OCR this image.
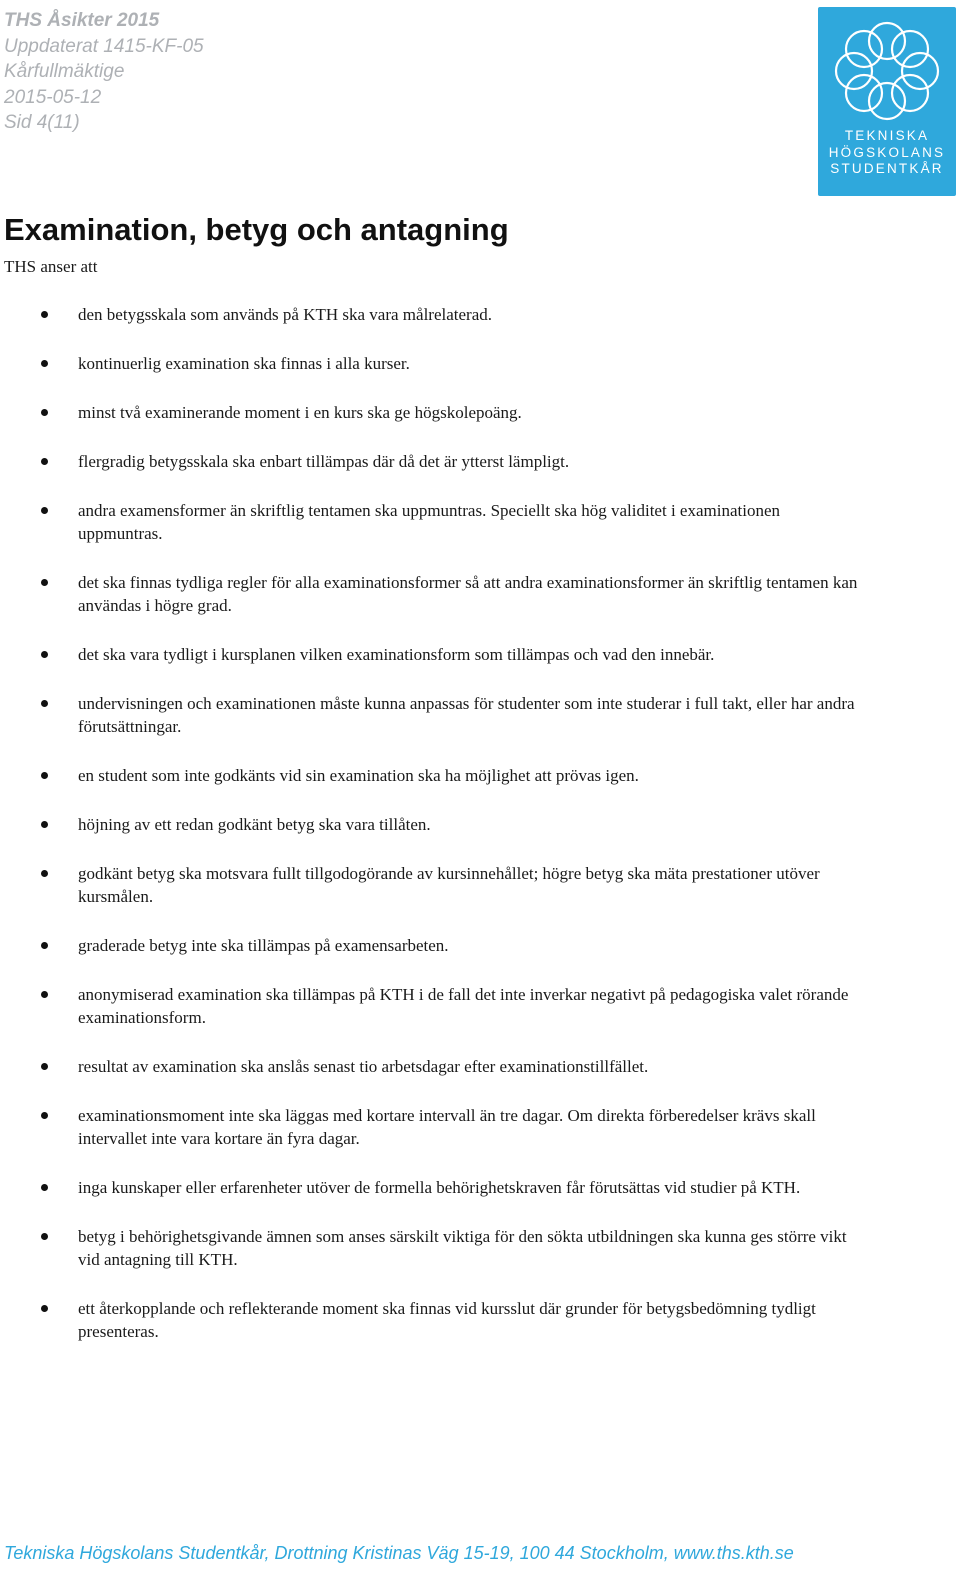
THS Åsikter 2015
Uppdaterat 1415-KF-05
Kårfullmäktige
2015-05-12
Sid 4(11)
TEKNISKA
HÖGSKOLANS
STUDENTKÅR
Examination, betyg och antagning
THS anser att
den betygsskala som används på KTH ska vara målrelaterad.
kontinuerlig examination ska finnas i alla kurser.
minst två examinerande moment i en kurs ska ge högskolepoäng.
flergradig betygsskala ska enbart tillämpas där då det är ytterst lämpligt.
andra examensformer än skriftlig tentamen ska uppmuntras. Speciellt ska hög validitet i examinationen uppmuntras.
det ska finnas tydliga regler för alla examinationsformer så att andra examinationsformer än skriftlig tentamen kan användas i högre grad.
det ska vara tydligt i kursplanen vilken examinationsform som tillämpas och vad den innebär.
undervisningen och examinationen måste kunna anpassas för studenter som inte studerar i full takt, eller har andra förutsättningar.
en student som inte godkänts vid sin examination ska ha möjlighet att prövas igen.
höjning av ett redan godkänt betyg ska vara tillåten.
godkänt betyg ska motsvara fullt tillgodogörande av kursinnehållet; högre betyg ska mäta prestationer utöver kursmålen.
graderade betyg inte ska tillämpas på examensarbeten.
anonymiserad examination ska tillämpas på KTH i de fall det inte inverkar negativt på pedagogiska valet rörande examinationsform.
resultat av examination ska anslås senast tio arbetsdagar efter examinationstillfället.
examinationsmoment inte ska läggas med kortare intervall än tre dagar. Om direkta förberedelser krävs skall intervallet inte vara kortare än fyra dagar.
inga kunskaper eller erfarenheter utöver de formella behörighetskraven får förutsättas vid studier på KTH.
betyg i behörighetsgivande ämnen som anses särskilt viktiga för den sökta utbildningen ska kunna ges större vikt vid antagning till KTH.
ett återkopplande och reflekterande moment ska finnas vid kursslut där grunder för betygsbedömning tydligt presenteras.
Tekniska Högskolans Studentkår, Drottning Kristinas Väg 15-19, 100 44 Stockholm, www.ths.kth.se
